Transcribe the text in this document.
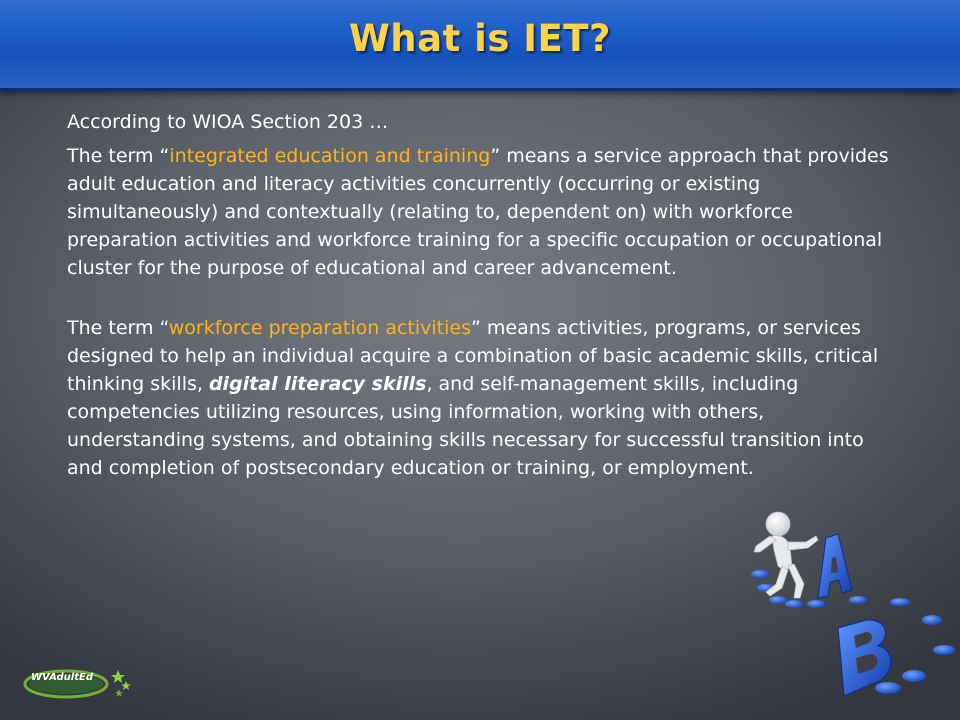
What is IET?

According to WIOA Section 203 …

The term “integrated education and training” means a service approach that provides adult education and literacy activities concurrently (occurring or existing simultaneously) and contextually (relating to, dependent on) with workforce preparation activities and workforce training for a specific occupation or occupational cluster for the purpose of educational and career advancement.

The term “workforce preparation activities” means activities, programs, or services designed to help an individual acquire a combination of basic academic skills, critical thinking skills, digital literacy skills, and self-management skills, including competencies utilizing resources, using information, working with others, understanding systems, and obtaining skills necessary for successful transition into and completion of postsecondary education or training, or employment.

WVAdultEd
